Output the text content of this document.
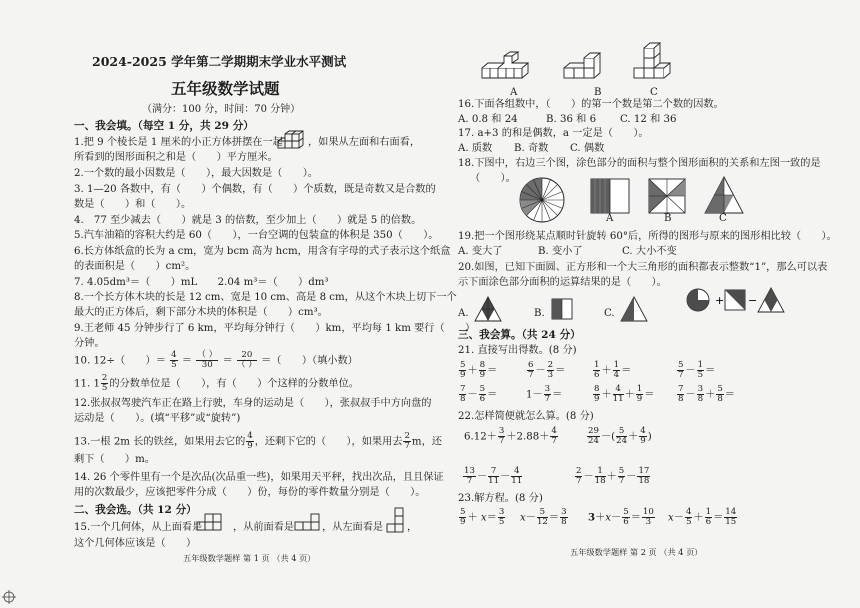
2024-2025 学年第二学期期末学业水平测试
五年级数学试题
（满分：100 分，时间：70 分钟）
一、我会填。（每空 1 分，共 29 分）
1.把 9 个棱长是 1 厘米的小正方体拼摆在一起 ，如果从左面和右面看，
所看到的图形面积之和是（　　）平方厘米。
2.一个数的最小因数是（　　），最大因数是（　　）。
3. 1—20 各数中，有（　　）个偶数，有（　　）个质数，既是奇数又是合数的
数是（　　）和（　　）。
4.　77 至少减去（　　）就是 3 的倍数，至少加上（　　）就是 5 的倍数。
5.汽车油箱的容积大约是 60（　　），一台空调的包装盒的体积是 350（　　）。
6.长方体纸盒的长为 a cm，宽为 bcm 高为 hcm，用含有字母的式子表示这个纸盒
的表面积是（　　）cm²。
7. 4.05dm³＝（　　）mL　　2.04 m³＝（　　）dm³
8.一个长方体木块的长是 12 cm、宽是 10 cm、高是 8 cm，从这个木块上切下一个
最大的正方体后，剩下部分木块的体积是（　　）cm³。
9.王老师 45 分钟步行了 6 km，平均每分钟行（　　）km，平均每 1 km 要行（　　）
分钟。
10. 12÷（　　）＝ $\frac{4}{5} = \frac{( )}{30} = \frac{20}{( )}$ ＝（　　）（填小数）
11. $1 \frac{2}{5}$ 的分数单位是（　　），有（　　）个这样的分数单位。
12.张叔叔驾驶汽车正在路上行驶，车身的运动是（　　），张叔叔手中方向盘的
运动是（　　）。(填“平移”或“旋转”)
13.一根 2m 长的铁丝，如果用去它的 $\frac{4}{9}$ ，还剩下它的（　　），如果用去 $\frac{2}{7}$ m，还
剩下（　　）m。
14. 26 个零件里有一个是次品(次品重一些)，如果用天平秤，找出次品，且且保证
用的次数最少，应该把零件分成（　　）份，每份的零件数量分别是（　　）。
二、我会选。（共 12 分）
15.一个几何体，从上面看是	，从前面看是	，从左面看是 ，
这个几何体应该是（　　）
五年级数学题样 第 1 页 （共 4 页）
A	B	C
16.下面各组数中，（　　）的第一个数是第二个数的因数。
A. 0.8 和 24	B. 36 和 6 C. 12 和 36
17. a+3 的和是偶数，a 一定是（　　）。
A. 质数 B. 奇数 C. 偶数
18.下图中，右边三个图，涂色部分的面积与整个图形面积的关系和左图一致的是
（　　）。
A	B	C
19.把一个图形绕某点顺时针旋转 60°后，所得的图形与原来的图形相比较（　　）。
A. 变大了	B. 变小了	C. 大小不变
20.如图，已知下面圆、正方形和一个大三角形的面积都表示整数“1”，那么可以表
示下面涂色部分面积的运算结果的是（　　）。
A.	B.	C.
+ −
三、我会算。（共 24 分）
21. 直接写出得数。(8 分)
$\frac{5}{9} + \frac{8}{9}$ ＝	$\frac{6}{7} - \frac{2}{3}$ ＝	$\frac{1}{6} + \frac{1}{4}$ ＝	$\frac{5}{7} - \frac{1}{5}$ ＝
$\frac{7}{8} - \frac{5}{6}$ ＝	$1- \frac{3}{7}$ ＝	$\frac{8}{9} + \frac{4}{11} + \frac{1}{9}$ ＝	$\frac{7}{8} - \frac{3}{8} + \frac{5}{8}$ ＝
22.怎样简便就怎么算。(8 分)
$6.12+ \frac{3}{7} +2.88+ \frac{4}{7}$	$\frac{29}{24}$ －( $\frac{5}{24} + \frac{4}{9}$ )
$\frac{13}{7} - \frac{7}{11} - \frac{4}{11}$	$\frac{2}{7} - \frac{1}{18} + \frac{5}{7} - \frac{17}{18}$
23.解方程。(8 分)
$\frac{5}{9} + x= \frac{3}{5} x- \frac{5}{12} = \frac{3}{8} 3+x- \frac{5}{6} = \frac{10}{3} x- \frac{4}{5} + \frac{1}{6} = \frac{14}{15}$
五年级数学题样 第 2 页 （共 4 页）
